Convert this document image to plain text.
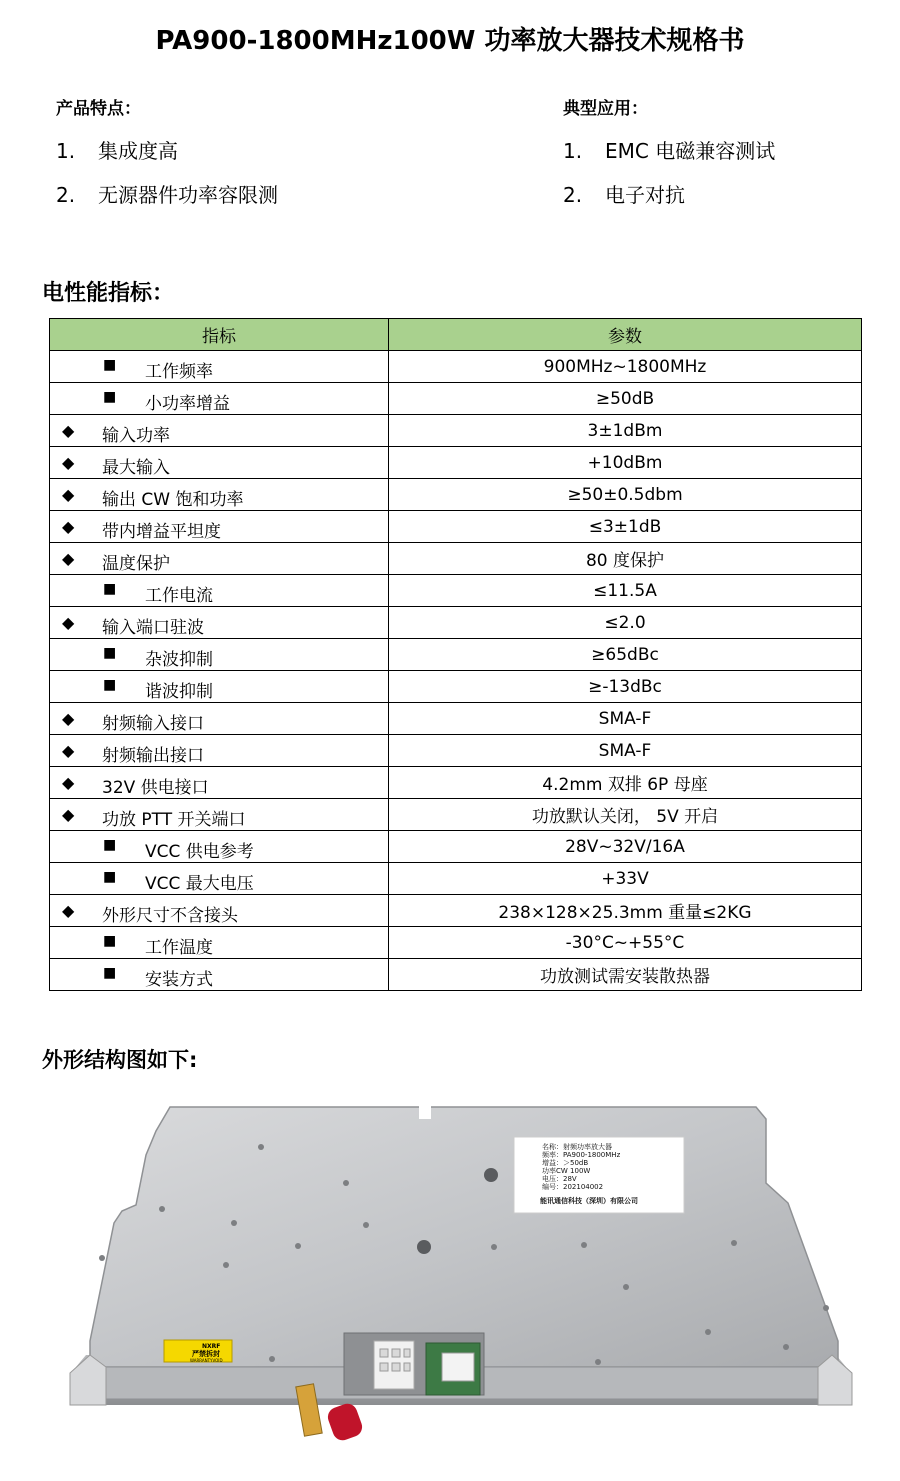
PA900-1800MHz100W 功率放大器技术规格书
产品特点：
1. 集成度高
2. 无源器件功率容限测
典型应用：
1. EMC 电磁兼容测试
2. 电子对抗
电性能指标：
指标	参数

■ 工作频率	900MHz~1800MHz

■ 小功率增益	≥50dB

◆ 输入功率	3±1dBm

◆ 最大输入	+10dBm

◆ 输出 CW 饱和功率	≥50±0.5dbm

◆ 带内增益平坦度	≤3±1dB

◆ 温度保护	80 度保护

■ 工作电流	≤11.5A

◆ 输入端口驻波	≤2.0

■ 杂波抑制	≥65dBc

■ 谐波抑制	≥-13dBc

◆ 射频输入接口	SMA-F

◆ 射频输出接口	SMA-F

◆ 32V 供电接口	4.2mm 双排 6P 母座

◆ 功放 PTT 开关端口	功放默认关闭， 5V 开启

■ VCC 供电参考	28V~32V/16A

■ VCC 最大电压	+33V

◆ 外形尺寸不含接头	238×128×25.3mm 重量≤2KG

■ 工作温度	-30°C~+55°C

■ 安装方式	功放测试需安装散热器
外形结构图如下:
名称：射频功率放大器
频率：PA900-1800MHz
增益：＞50dB
功率CW 100W
电压：28V
编号：202104002
能讯通信科技（深圳）有限公司
NXRF
严禁拆封
WARRANTYVOID
